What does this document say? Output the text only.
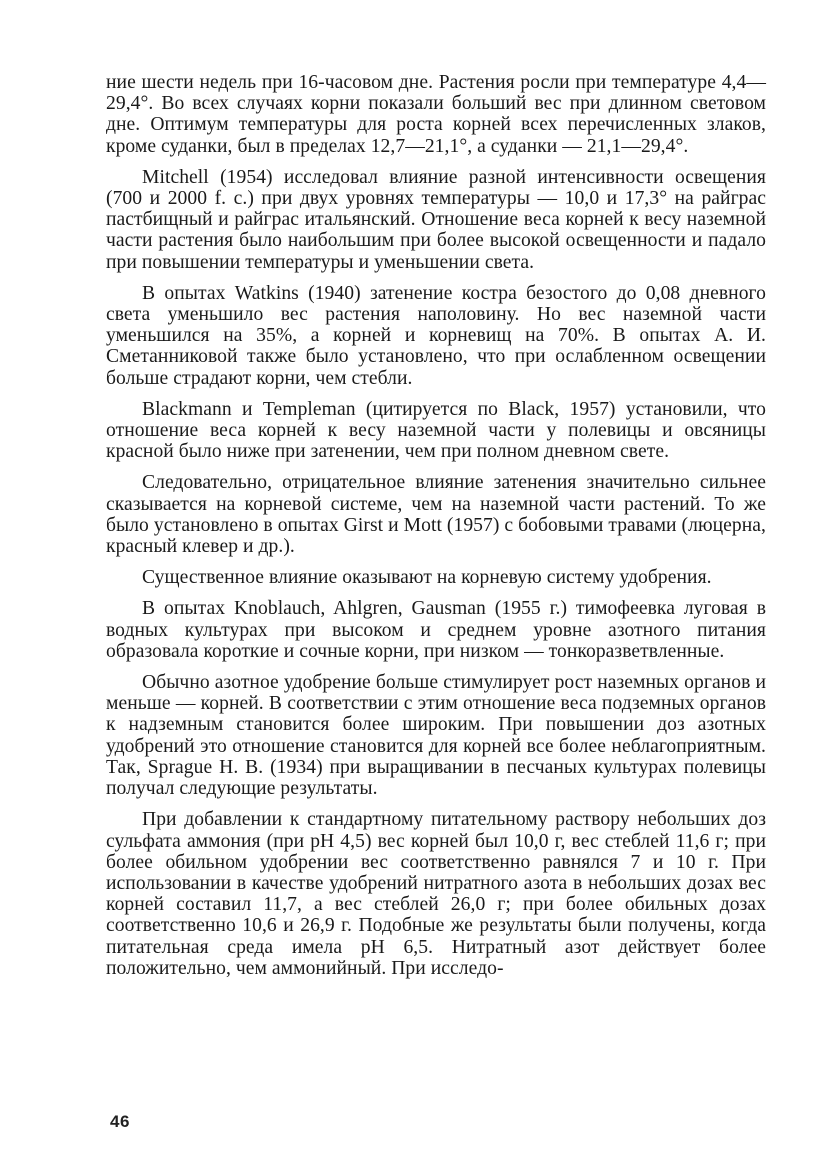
ние шести недель при 16-часовом дне. Растения росли при температуре 4,4—29,4°. Во всех случаях корни показали больший вес при длинном световом дне. Оптимум температуры для роста корней всех перечисленных злаков, кроме суданки, был в пределах 12,7—21,1°, а суданки — 21,1—29,4°.

Mitchell (1954) исследовал влияние разной интенсивности освещения (700 и 2000 f. c.) при двух уровнях температуры — 10,0 и 17,3° на райграс пастбищный и райграс итальянский. Отношение веса корней к весу наземной части растения было наибольшим при более высокой освещенности и падало при повышении температуры и уменьшении света.

В опытах Watkins (1940) затенение костра безостого до 0,08 дневного света уменьшило вес растения наполовину. Но вес наземной части уменьшился на 35%, а корней и корневищ на 70%. В опытах А. И. Сметанниковой также было установлено, что при ослабленном освещении больше страдают корни, чем стебли.

Blackmann и Templeman (цитируется по Black, 1957) установили, что отношение веса корней к весу наземной части у полевицы и овсяницы красной было ниже при затенении, чем при полном дневном свете.

Следовательно, отрицательное влияние затенения значительно сильнее сказывается на корневой системе, чем на наземной части растений. То же было установлено в опытах Girst и Mott (1957) с бобовыми травами (люцерна, красный клевер и др.).

Существенное влияние оказывают на корневую систему удобрения.

В опытах Knoblauch, Ahlgren, Gausman (1955 г.) тимофеевка луговая в водных культурах при высоком и среднем уровне азотного питания образовала короткие и сочные корни, при низком — тонкоразветвленные.

Обычно азотное удобрение больше стимулирует рост наземных органов и меньше — корней. В соответствии с этим отношение веса подземных органов к надземным становится более широким. При повышении доз азотных удобрений это отношение становится для корней все более неблагоприятным. Так, Sprague H. B. (1934) при выращивании в песчаных культурах полевицы получал следующие результаты.

При добавлении к стандартному питательному раствору небольших доз сульфата аммония (при pH 4,5) вес корней был 10,0 г, вес стеблей 11,6 г; при более обильном удобрении вес соответственно равнялся 7 и 10 г. При использовании в качестве удобрений нитратного азота в небольших дозах вес корней составил 11,7, а вес стеблей 26,0 г; при более обильных дозах соответственно 10,6 и 26,9 г. Подобные же результаты были получены, когда питательная среда имела pH 6,5. Нитратный азот действует более положительно, чем аммонийный. При исследо-

46
